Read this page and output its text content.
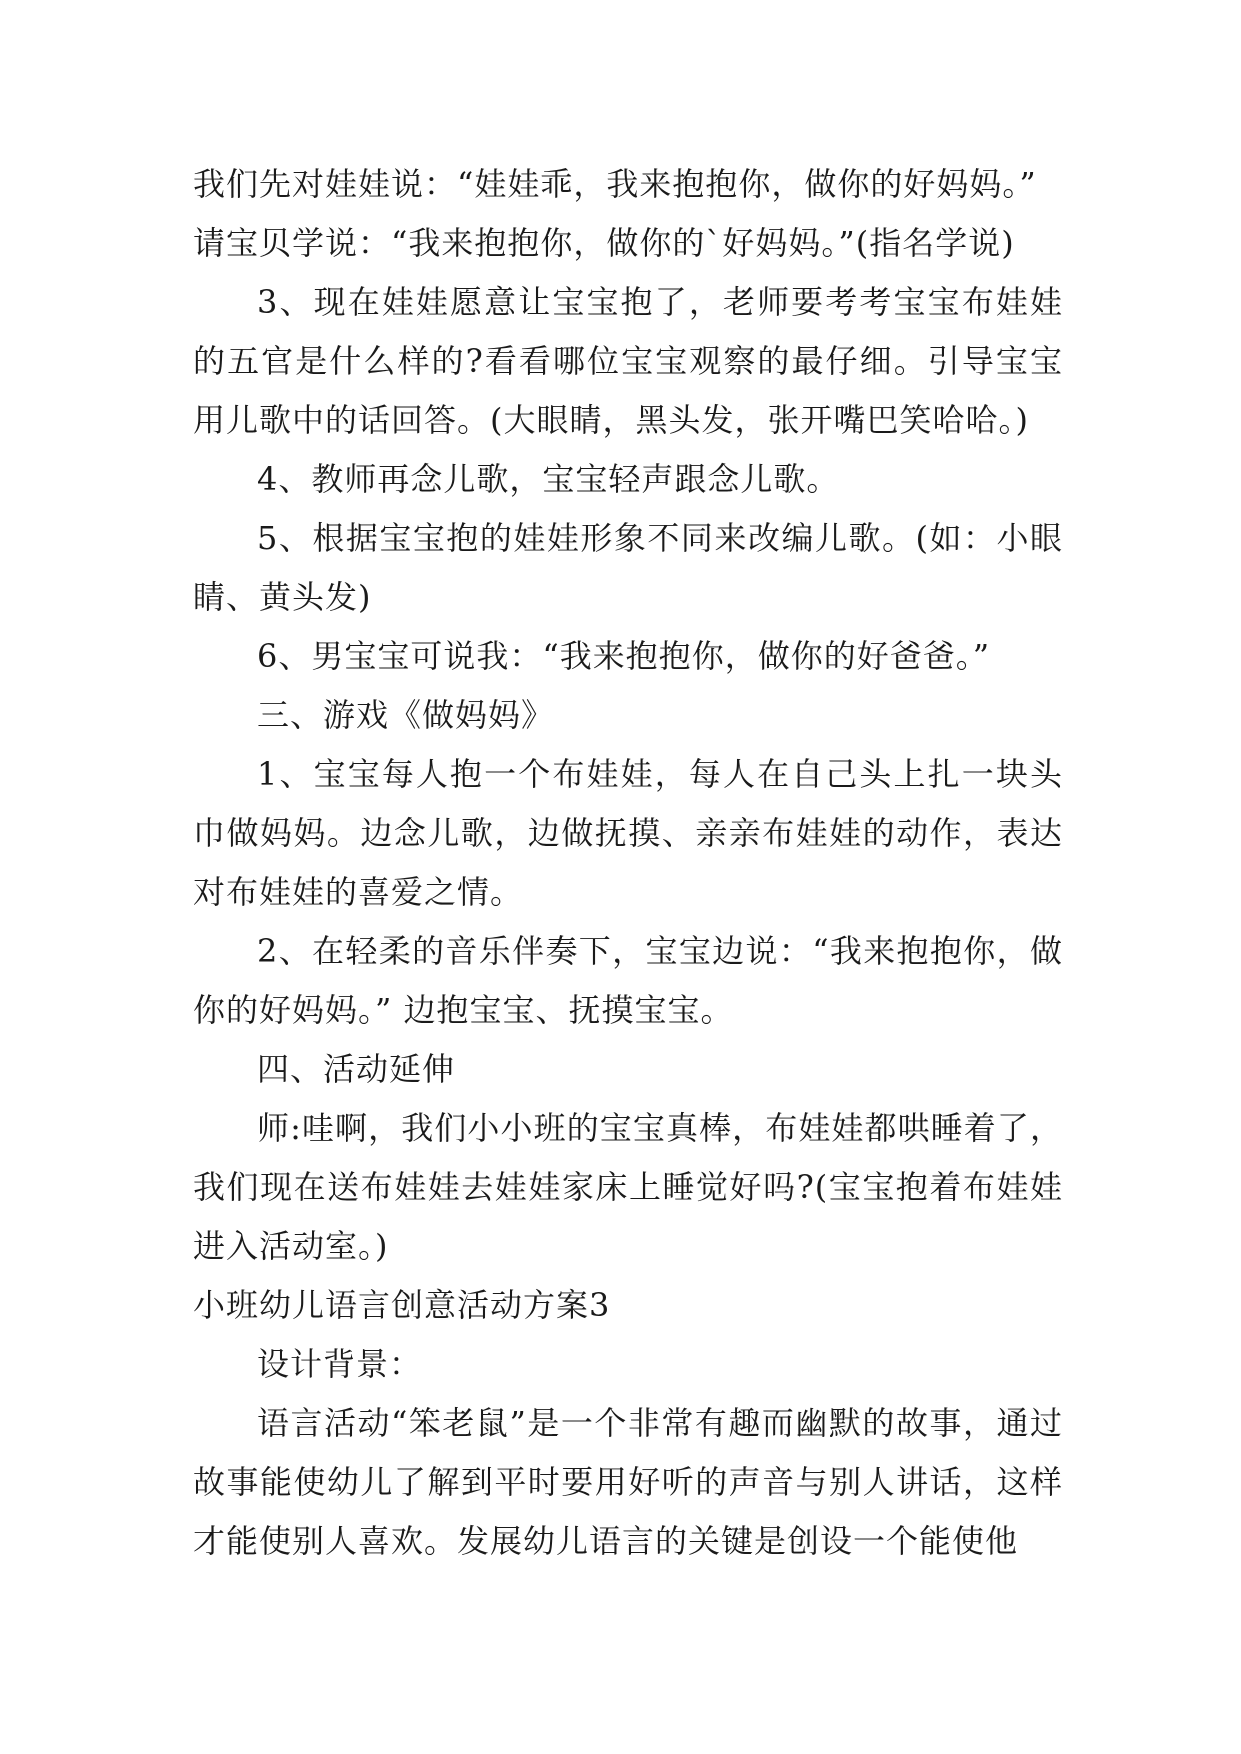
我们先对娃娃说：“娃娃乖，我来抱抱你，做你的好妈妈。”

请宝贝学说：“我来抱抱你，做你的`好妈妈。”(指名学说)

3、现在娃娃愿意让宝宝抱了，老师要考考宝宝布娃娃的五官是什么样的?看看哪位宝宝观察的最仔细。引导宝宝用儿歌中的话回答。(大眼睛，黑头发，张开嘴巴笑哈哈。)

4、教师再念儿歌，宝宝轻声跟念儿歌。

5、根据宝宝抱的娃娃形象不同来改编儿歌。(如：小眼睛、黄头发)

6、男宝宝可说我：“我来抱抱你，做你的好爸爸。”

三、游戏《做妈妈》

1、宝宝每人抱一个布娃娃，每人在自己头上扎一块头巾做妈妈。边念儿歌，边做抚摸、亲亲布娃娃的动作，表达对布娃娃的喜爱之情。

2、在轻柔的音乐伴奏下，宝宝边说：“我来抱抱你，做你的好妈妈。” 边抱宝宝、抚摸宝宝。

四、活动延伸

师:哇啊，我们小小班的宝宝真棒，布娃娃都哄睡着了，我们现在送布娃娃去娃娃家床上睡觉好吗?(宝宝抱着布娃娃进入活动室。)

小班幼儿语言创意活动方案3

设计背景：

语言活动“笨老鼠”是一个非常有趣而幽默的故事，通过故事能使幼儿了解到平时要用好听的声音与别人讲话，这样才能使别人喜欢。发展幼儿语言的关键是创设一个能使他
